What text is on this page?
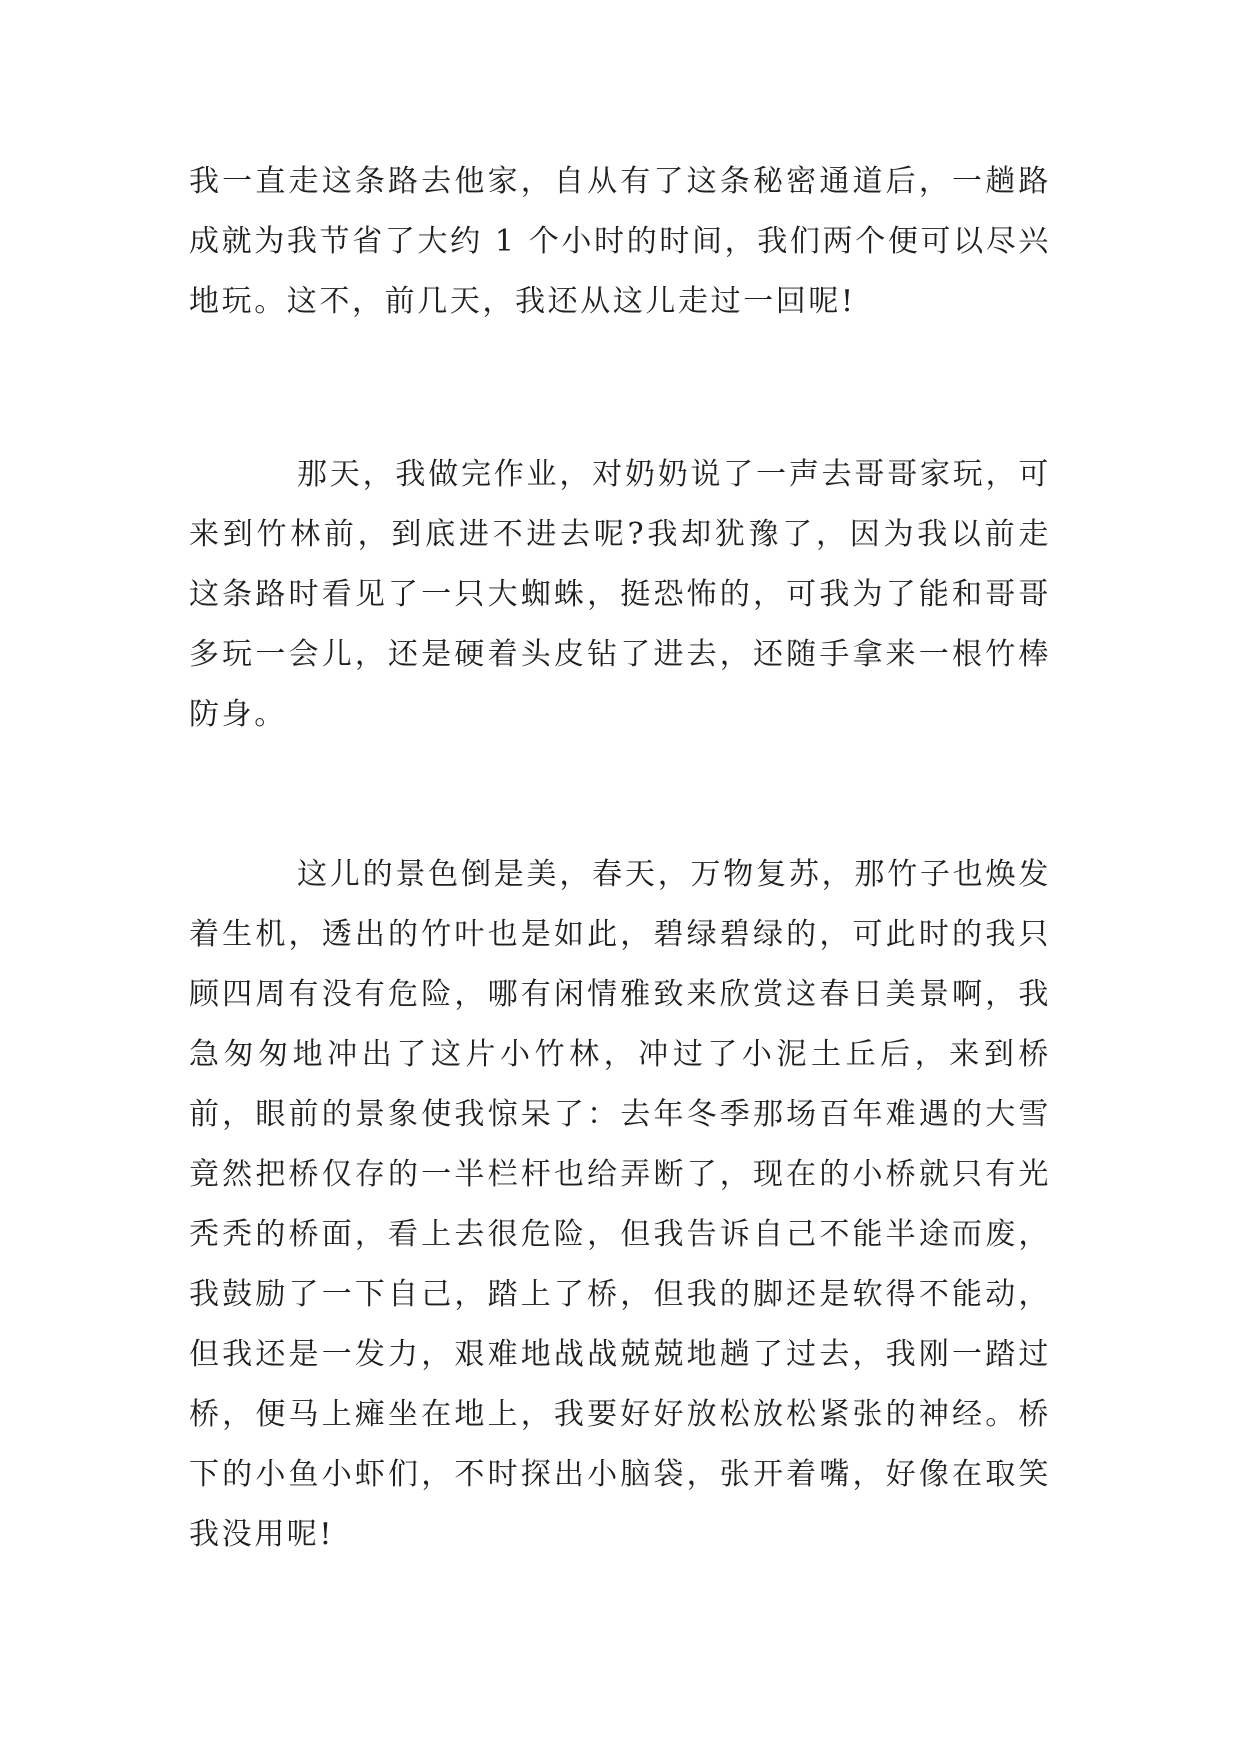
我一直走这条路去他家，自从有了这条秘密通道后，一趟路成就为我节省了大约 1 个小时的时间，我们两个便可以尽兴地玩。这不，前几天，我还从这儿走过一回呢!

那天，我做完作业，对奶奶说了一声去哥哥家玩，可来到竹林前，到底进不进去呢?我却犹豫了，因为我以前走这条路时看见了一只大蜘蛛，挺恐怖的，可我为了能和哥哥多玩一会儿，还是硬着头皮钻了进去，还随手拿来一根竹棒防身。

这儿的景色倒是美，春天，万物复苏，那竹子也焕发着生机，透出的竹叶也是如此，碧绿碧绿的，可此时的我只顾四周有没有危险，哪有闲情雅致来欣赏这春日美景啊，我急匆匆地冲出了这片小竹林，冲过了小泥土丘后，来到桥前，眼前的景象使我惊呆了：去年冬季那场百年难遇的大雪竟然把桥仅存的一半栏杆也给弄断了，现在的小桥就只有光秃秃的桥面，看上去很危险，但我告诉自己不能半途而废，我鼓励了一下自己，踏上了桥，但我的脚还是软得不能动，但我还是一发力，艰难地战战兢兢地趟了过去，我刚一踏过桥，便马上瘫坐在地上，我要好好放松放松紧张的神经。桥下的小鱼小虾们，不时探出小脑袋，张开着嘴，好像在取笑我没用呢!
